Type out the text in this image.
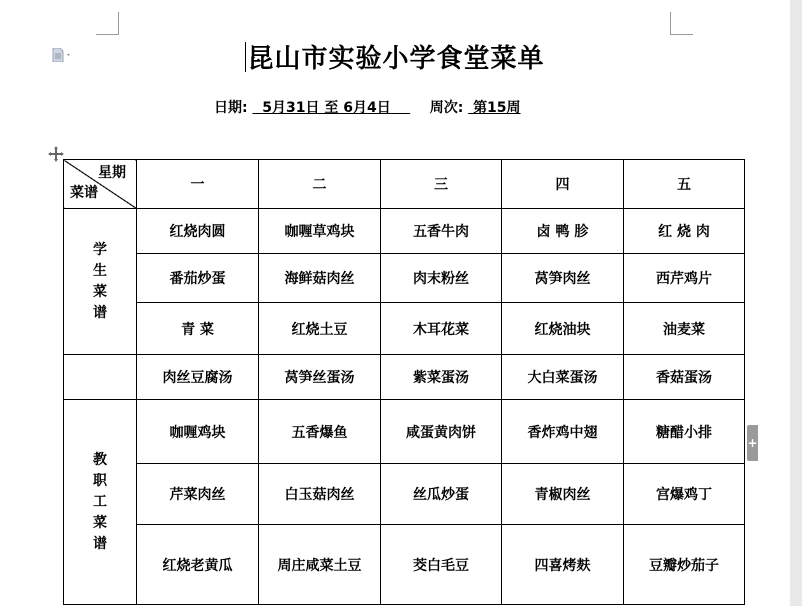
+
昆山市实验小学食堂菜单
日期: 5月31日 至 6月4日	周次: 第15周
星期
菜谱	一	二	三	四	五
学生菜谱	红烧肉圆	咖喱草鸡块	五香牛肉	卤 鸭 胗	红 烧 肉
	番茄炒蛋	海鲜菇肉丝	肉末粉丝	莴笋肉丝	西芹鸡片
	青 菜	红烧土豆	木耳花菜	红烧油块	油麦菜
	肉丝豆腐汤	莴笋丝蛋汤	紫菜蛋汤	大白菜蛋汤	香菇蛋汤
教职工菜谱	咖喱鸡块	五香爆鱼	咸蛋黄肉饼	香炸鸡中翅	糖醋小排
	芹菜肉丝	白玉菇肉丝	丝瓜炒蛋	青椒肉丝	宫爆鸡丁
	红烧老黄瓜	周庄咸菜土豆	茭白毛豆	四喜烤麸	豆瓣炒茄子
